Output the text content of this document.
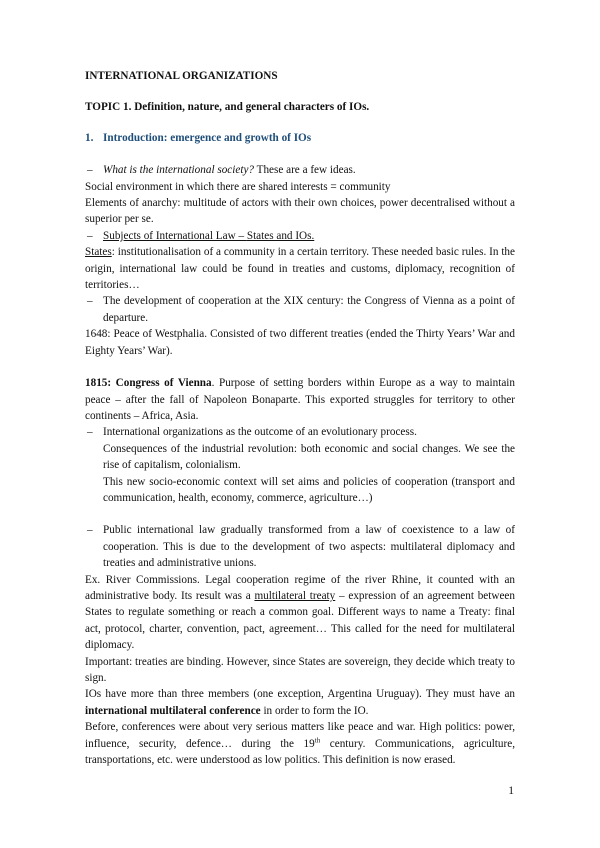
INTERNATIONAL ORGANIZATIONS

TOPIC 1. Definition, nature, and general characters of IOs.

1. Introduction: emergence and growth of IOs

– What is the international society? These are a few ideas.

Social environment in which there are shared interests = community

Elements of anarchy: multitude of actors with their own choices, power decentralised without a superior per se.

– Subjects of International Law – States and IOs.

States: institutionalisation of a community in a certain territory. These needed basic rules. In the origin, international law could be found in treaties and customs, diplomacy, recognition of territories…

– The development of cooperation at the XIX century: the Congress of Vienna as a point of departure.

1648: Peace of Westphalia. Consisted of two different treaties (ended the Thirty Years’ War and Eighty Years’ War).

1815: Congress of Vienna. Purpose of setting borders within Europe as a way to maintain peace – after the fall of Napoleon Bonaparte. This exported struggles for territory to other continents – Africa, Asia.

– International organizations as the outcome of an evolutionary process.

Consequences of the industrial revolution: both economic and social changes. We see the rise of capitalism, colonialism.

This new socio-economic context will set aims and policies of cooperation (transport and communication, health, economy, commerce, agriculture…)

– Public international law gradually transformed from a law of coexistence to a law of cooperation. This is due to the development of two aspects: multilateral diplomacy and treaties and administrative unions.

Ex. River Commissions. Legal cooperation regime of the river Rhine, it counted with an administrative body. Its result was a multilateral treaty – expression of an agreement between States to regulate something or reach a common goal. Different ways to name a Treaty: final act, protocol, charter, convention, pact, agreement… This called for the need for multilateral diplomacy.

Important: treaties are binding. However, since States are sovereign, they decide which treaty to sign.

IOs have more than three members (one exception, Argentina Uruguay). They must have an international multilateral conference in order to form the IO.

Before, conferences were about very serious matters like peace and war. High politics: power, influence, security, defence… during the 19th century. Communications, agriculture, transportations, etc. were understood as low politics. This definition is now erased.

1
